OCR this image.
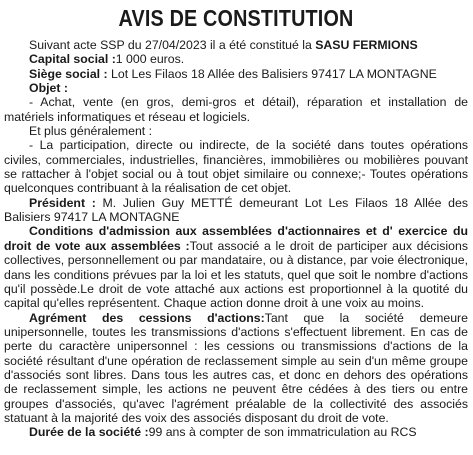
AVIS DE CONSTITUTION

Suivant acte SSP du 27/04/2023 il a été constitué la SASU FERMIONS

Capital social :1 000 euros.

Siège social : Lot Les Filaos 18 Allée des Balisiers 97417 LA MONTAGNE

Objet :

- Achat, vente (en gros, demi-gros et détail), réparation et installation de matériels informatiques et réseau et logiciels.

Et plus généralement :

- La participation, directe ou indirecte, de la société dans toutes opérations civiles, commerciales, industrielles, financières, immobilières ou mobilières pouvant se rattacher à l'objet social ou à tout objet similaire ou connexe;- Toutes opérations quelconques contribuant à la réalisation de cet objet.

Président : M. Julien Guy METTÉ demeurant Lot Les Filaos 18 Allée des Balisiers 97417 LA MONTAGNE

Conditions d'admission aux assemblées d'actionnaires et d' exercice du droit de vote aux assemblées :Tout associé a le droit de participer aux décisions collectives, personnellement ou par mandataire, ou à distance, par voie électronique, dans les conditions prévues par la loi et les statuts, quel que soit le nombre d'actions qu'il possède.Le droit de vote attaché aux actions est proportionnel à la quotité du capital qu'elles représentent. Chaque action donne droit à une voix au moins.

Agrément des cessions d'actions:Tant que la société demeure unipersonnelle, toutes les transmissions d'actions s'effectuent librement. En cas de perte du caractère unipersonnel : les cessions ou transmissions d'actions de la société résultant d'une opération de reclassement simple au sein d'un même groupe d'associés sont libres. Dans tous les autres cas, et donc en dehors des opérations de reclassement simple, les actions ne peuvent être cédées à des tiers ou entre groupes d'associés, qu'avec l'agrément préalable de la collectivité des associés statuant à la majorité des voix des associés disposant du droit de vote.

Durée de la société :99 ans à compter de son immatriculation au RCS
